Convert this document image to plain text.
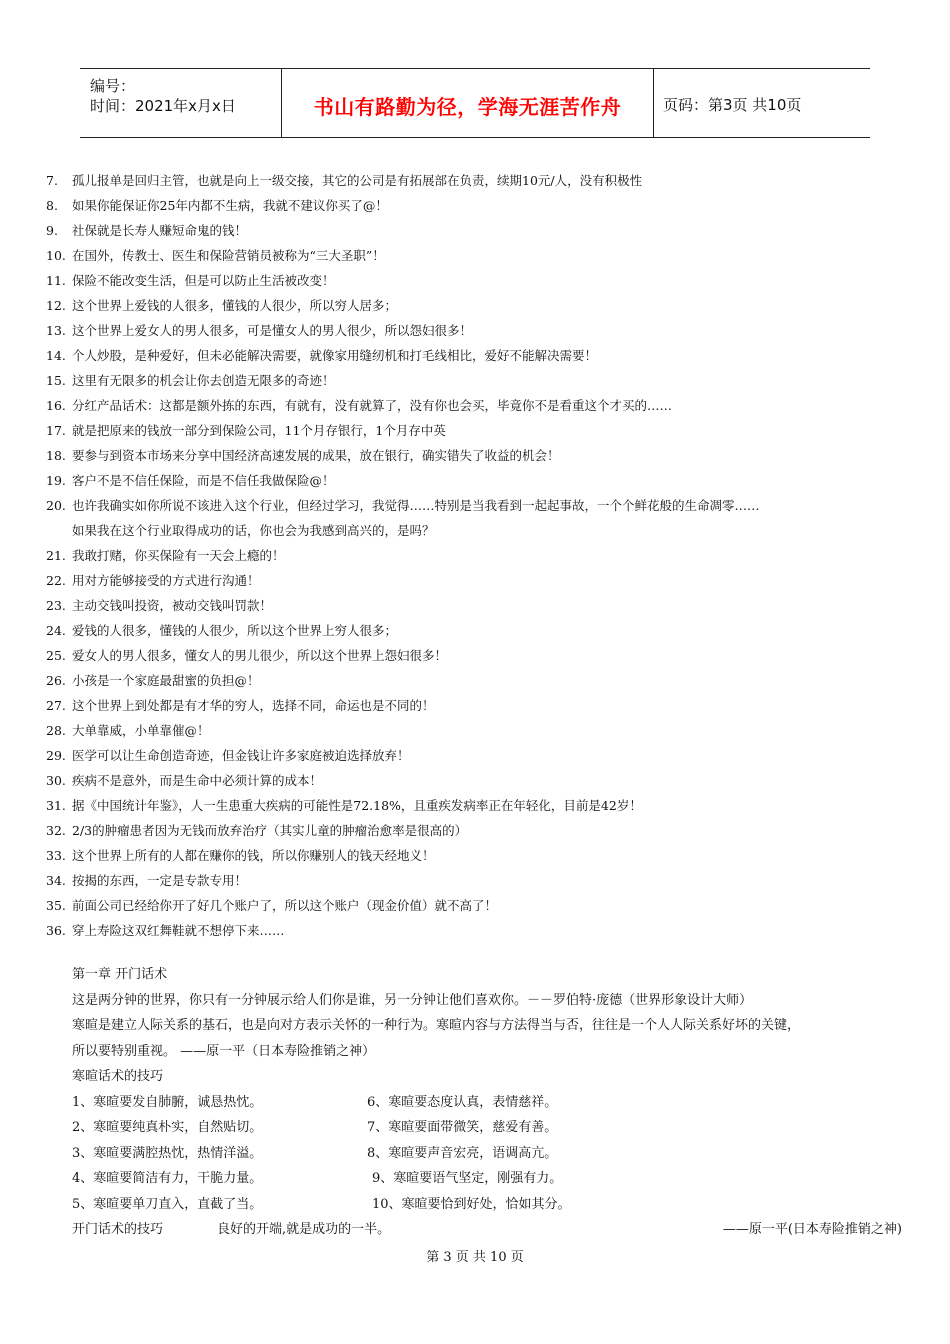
编号：
时间：2021年x月x日	书山有路勤为径，学海无涯苦作舟	页码：第3页 共10页
7. 孤儿报单是回归主管，也就是向上一级交接，其它的公司是有拓展部在负责，续期10元/人，没有积极性
8. 如果你能保证你25年内都不生病，我就不建议你买了@！
9. 社保就是长寿人赚短命鬼的钱！
10. 在国外，传教士、医生和保险营销员被称为“三大圣职”！
11. 保险不能改变生活，但是可以防止生活被改变！
12. 这个世界上爱钱的人很多，懂钱的人很少，所以穷人居多；
13. 这个世界上爱女人的男人很多，可是懂女人的男人很少，所以怨妇很多！
14. 个人炒股，是种爱好，但未必能解决需要，就像家用缝纫机和打毛线相比，爱好不能解决需要！
15. 这里有无限多的机会让你去创造无限多的奇迹！
16. 分红产品话术：这都是额外拣的东西，有就有，没有就算了，没有你也会买，毕竟你不是看重这个才买的……
17. 就是把原来的钱放一部分到保险公司，11个月存银行，1个月存中英
18. 要参与到资本市场来分享中国经济高速发展的成果，放在银行，确实错失了收益的机会！
19. 客户不是不信任保险，而是不信任我做保险@！
20. 也许我确实如你所说不该进入这个行业，但经过学习，我觉得……特别是当我看到一起起事故，一个个鲜花般的生命凋零……
如果我在这个行业取得成功的话，你也会为我感到高兴的，是吗？
21. 我敢打赌，你买保险有一天会上瘾的！
22. 用对方能够接受的方式进行沟通！
23. 主动交钱叫投资，被动交钱叫罚款！
24. 爱钱的人很多，懂钱的人很少，所以这个世界上穷人很多；
25. 爱女人的男人很多，懂女人的男儿很少，所以这个世界上怨妇很多！
26. 小孩是一个家庭最甜蜜的负担@！
27. 这个世界上到处都是有才华的穷人，选择不同，命运也是不同的！
28. 大单靠威，小单靠催@！
29. 医学可以让生命创造奇迹，但金钱让许多家庭被迫选择放弃！
30. 疾病不是意外，而是生命中必须计算的成本！
31. 据《中国统计年鉴》，人一生患重大疾病的可能性是72.18%，且重疾发病率正在年轻化，目前是42岁！
32. 2/3的肿瘤患者因为无钱而放弃治疗（其实儿童的肿瘤治愈率是很高的）
33. 这个世界上所有的人都在赚你的钱，所以你赚别人的钱天经地义！
34. 按揭的东西，一定是专款专用！
35. 前面公司已经给你开了好几个账户了，所以这个账户（现金价值）就不高了！
36. 穿上寿险这双红舞鞋就不想停下来……
第一章 开门话术
这是两分钟的世界，你只有一分钟展示给人们你是谁，另一分钟让他们喜欢你。－－罗伯特·庞德（世界形象设计大师）
寒暄是建立人际关系的基石，也是向对方表示关怀的一种行为。寒暄内容与方法得当与否，往往是一个人人际关系好坏的关键，
所以要特别重视。 ——原一平（日本寿险推销之神）
寒暄话术的技巧
1、寒暄要发自肺腑，诚恳热忱。	6、寒暄要态度认真，表情慈祥。
2、寒暄要纯真朴实，自然贴切。	7、寒暄要面带微笑，慈爱有善。
3、寒暄要满腔热忱，热情洋溢。	8、寒暄要声音宏亮，语调高亢。
4、寒暄要简洁有力，干脆力量。	9、寒暄要语气坚定，刚强有力。
5、寒暄要单刀直入，直截了当。	10、寒暄要恰到好处，恰如其分。
开门话术的技巧	良好的开端,就是成功的一半。	——原一平(日本寿险推销之神)
第 3 页 共 10 页
